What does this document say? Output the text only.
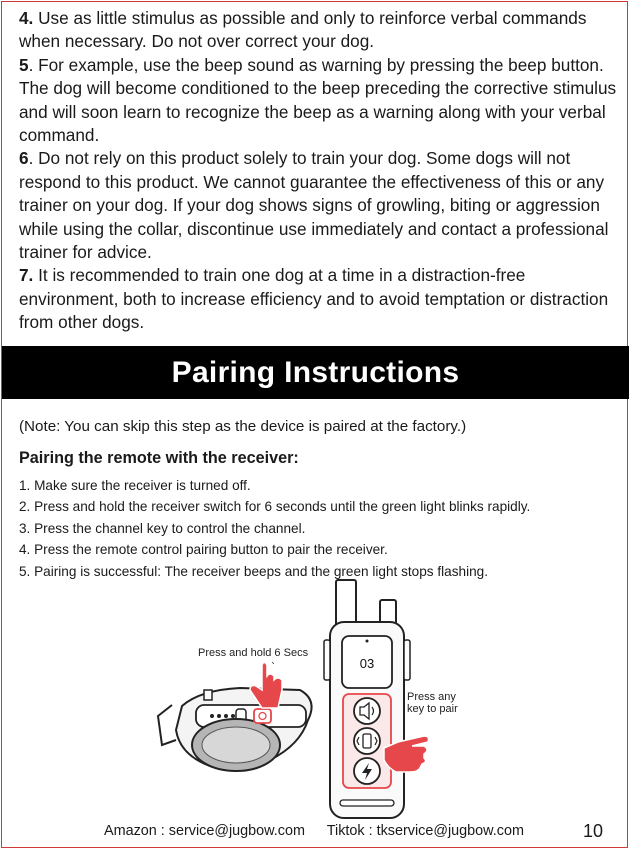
4. Use as little stimulus as possible and only to reinforce verbal commands when necessary. Do not over correct your dog.

5. For example, use the beep sound as warning by pressing the beep button. The dog will become conditioned to the beep preceding the corrective stimulus and will soon learn to recognize the beep as a warning along with your verbal command.

6. Do not rely on this product solely to train your dog. Some dogs will not respond to this product. We cannot guarantee the effectiveness of this or any trainer on your dog. If your dog shows signs of growling, biting or aggression while using the collar, discontinue use immediately and contact a professional trainer for advice.

7. It is recommended to train one dog at a time in a distraction-free environment, both to increase efficiency and to avoid temptation or distraction from other dogs.

Pairing Instructions
(Note: You can skip this step as the device is paired at the factory.)
Pairing the remote with the receiver:
1. Make sure the receiver is turned off.
2. Press and hold the receiver switch for 6 seconds until the green light blinks rapidly.
3. Press the channel key to control the channel.
4. Press the remote control pairing button to pair the receiver.
5. Pairing is successful: The receiver beeps and the green light stops flashing.
03
Press and hold 6 Secs
Press any
key to pair
Amazon : service@jugbow.com Tiktok : tkservice@jugbow.com	10
